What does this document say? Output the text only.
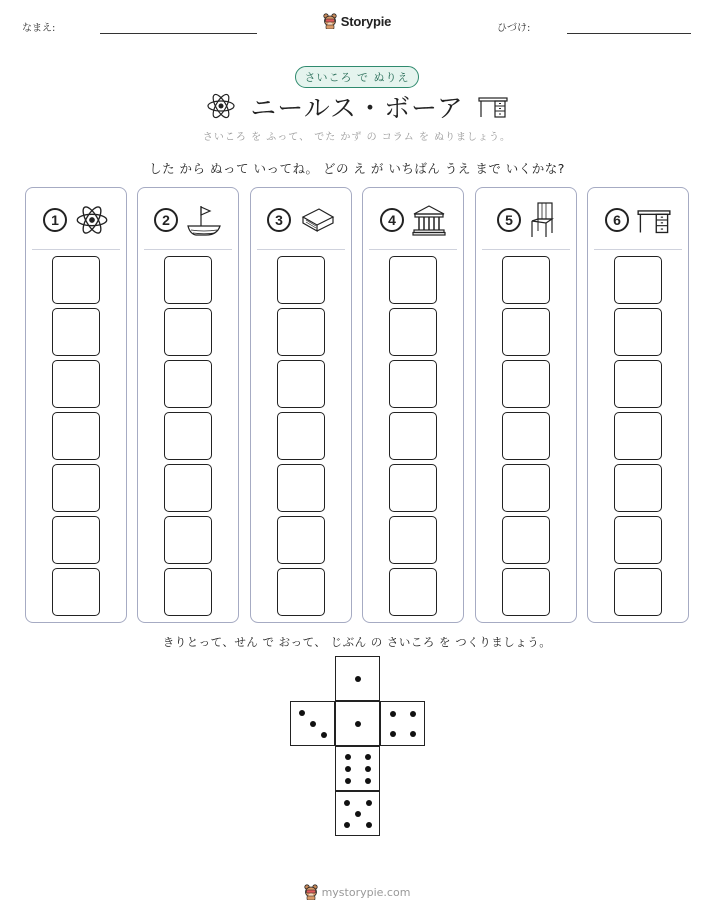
なまえ:	Storypie	ひづけ:
さいころ で ぬりえ
ニールス・ボーア
さいころ を ふって、 でた かず の コラム を ぬりましょう。
した から ぬって いってね。 どの え が いちばん うえ まで いくかな?
1	2	3	4	5	6
きりとって、せん で おって、 じぶん の さいころ を つくりましょう。
mystorypie.com
